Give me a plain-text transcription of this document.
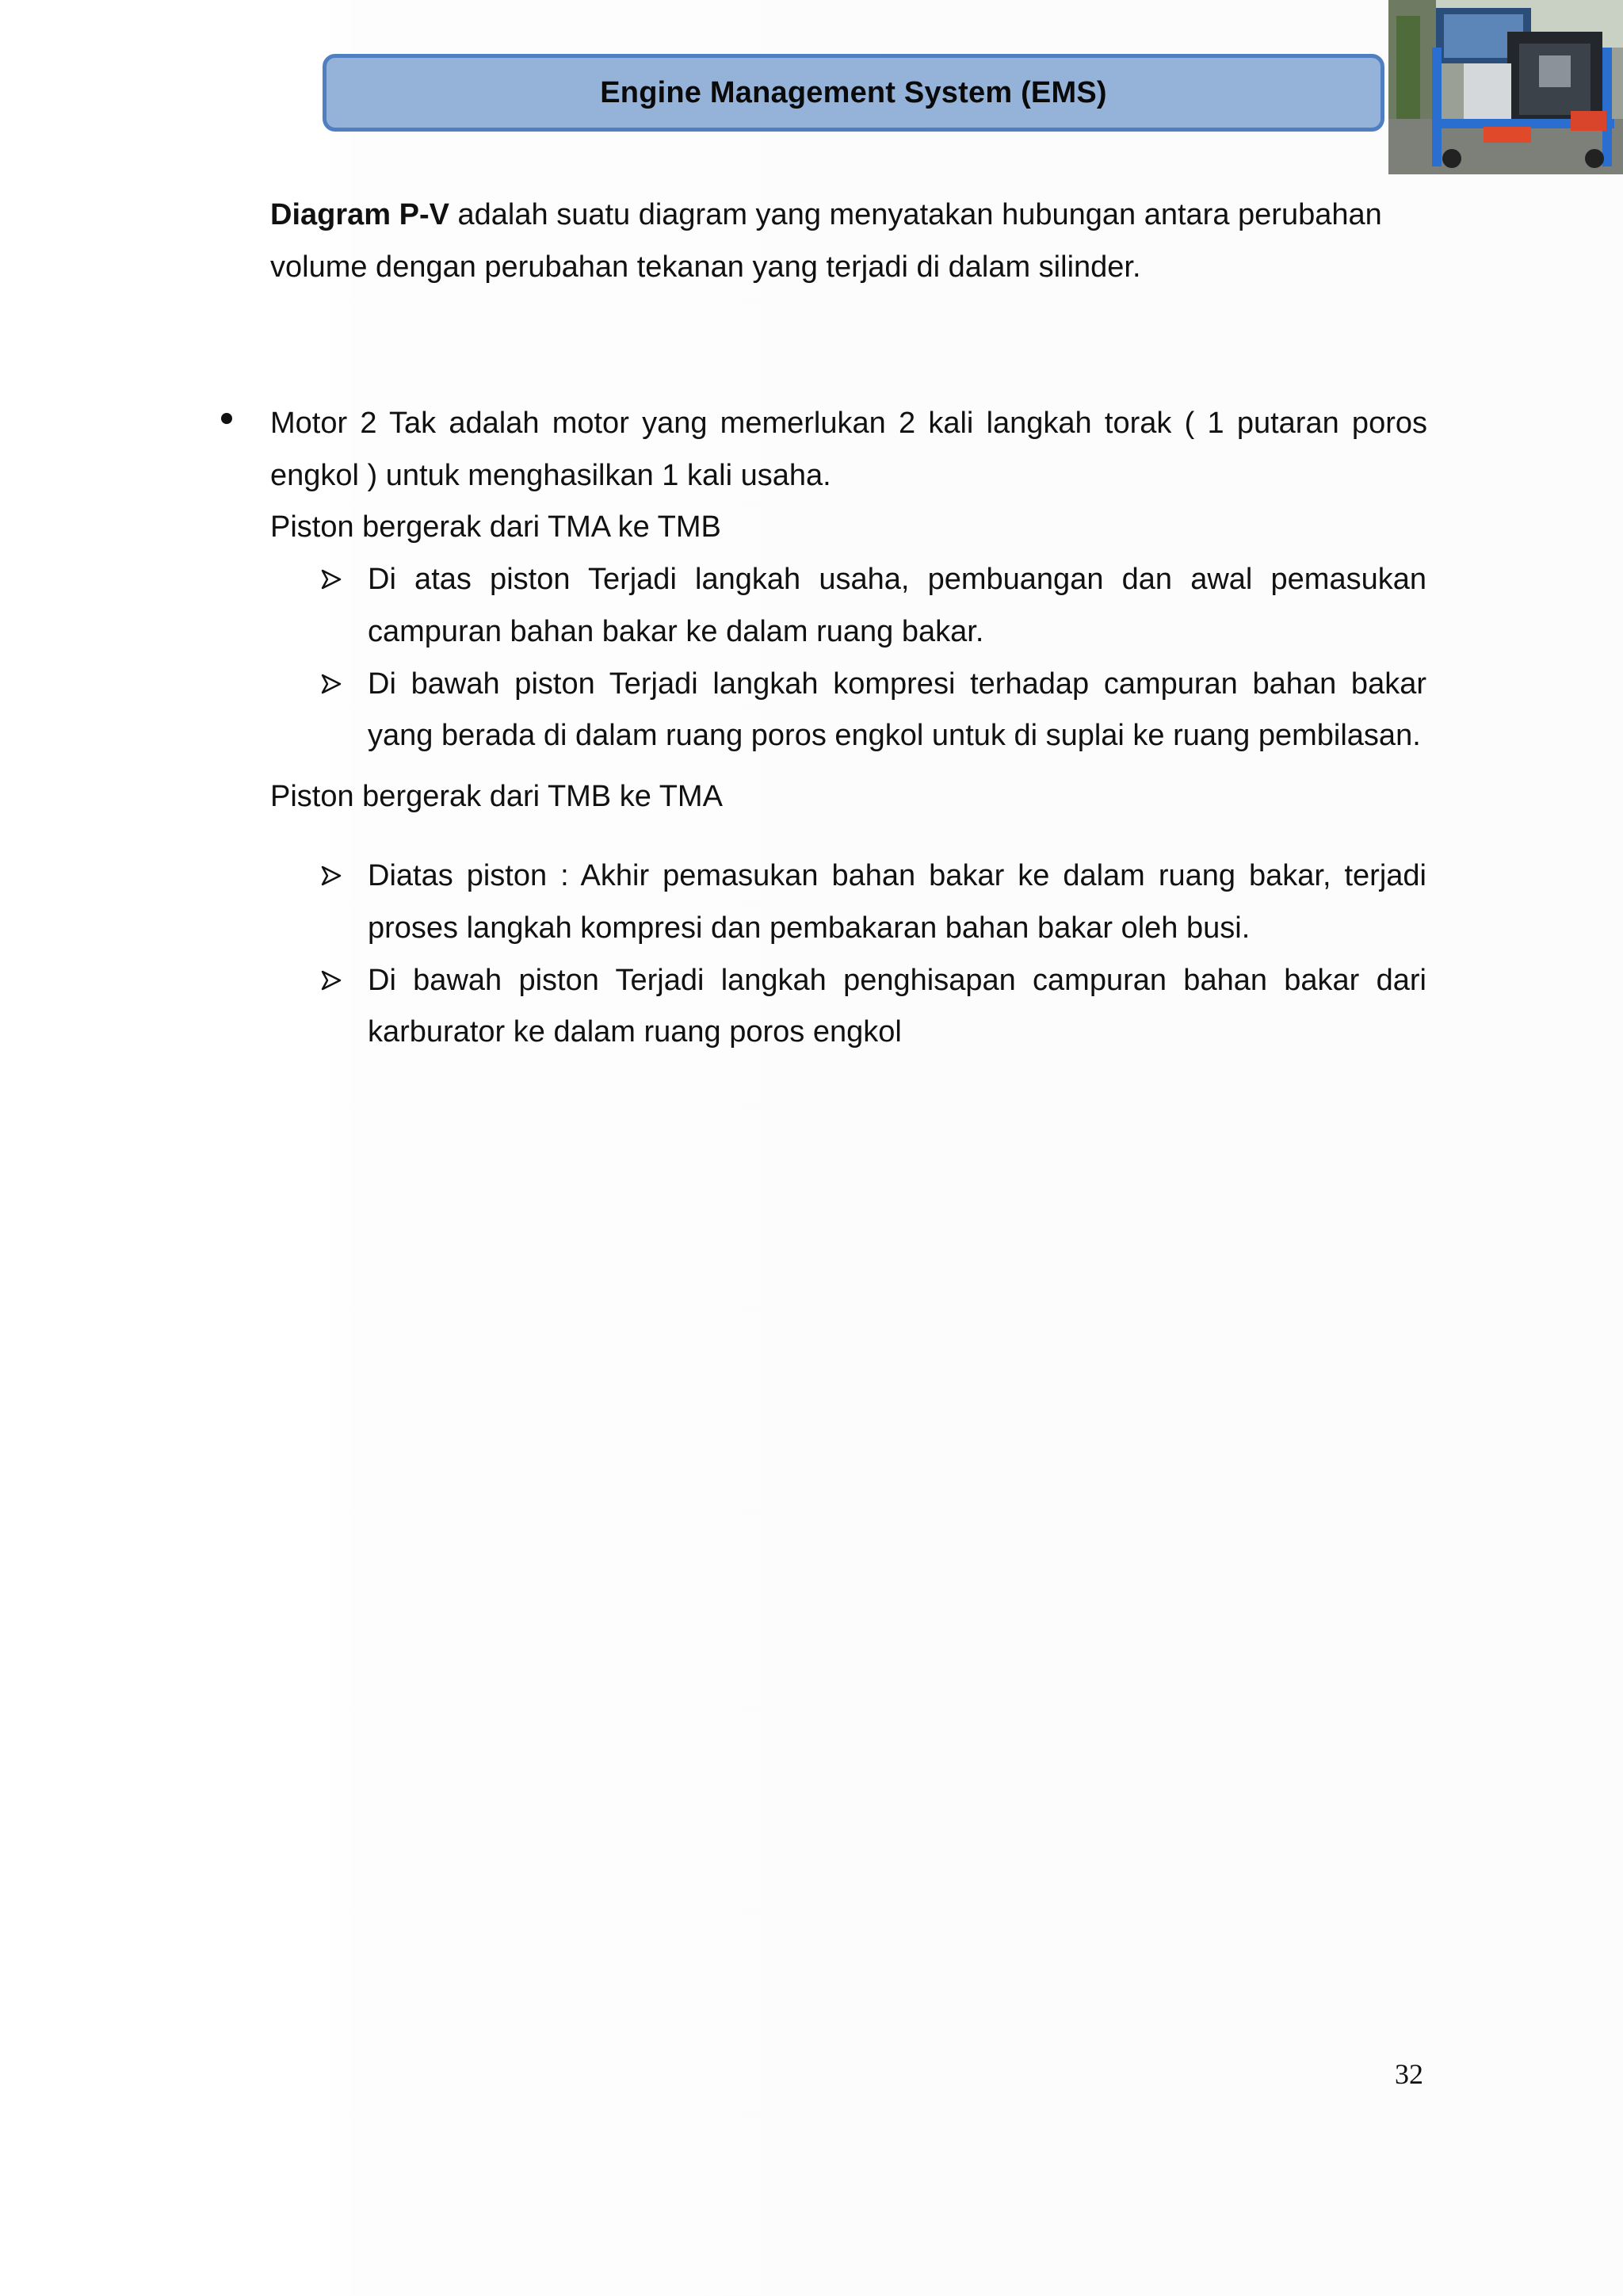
Engine Management System (EMS)
Diagram P-V adalah suatu diagram yang menyatakan hubungan antara perubahan
volume dengan perubahan tekanan yang terjadi di dalam silinder.
Motor 2 Tak adalah motor yang memerlukan 2 kali langkah torak ( 1 putaran poros
engkol ) untuk menghasilkan 1 kali usaha.
Piston bergerak dari TMA ke TMB
Di atas piston Terjadi langkah usaha, pembuangan dan awal pemasukan
campuran bahan bakar ke dalam ruang bakar.
Di bawah piston Terjadi langkah kompresi terhadap campuran bahan bakar
yang berada di dalam ruang poros engkol untuk di suplai ke ruang pembilasan.
Piston bergerak dari TMB ke TMA
Diatas piston : Akhir pemasukan bahan bakar ke dalam ruang bakar, terjadi
proses langkah kompresi dan pembakaran bahan bakar oleh busi.
Di bawah piston Terjadi langkah penghisapan campuran bahan bakar dari
karburator ke dalam ruang poros engkol
32
